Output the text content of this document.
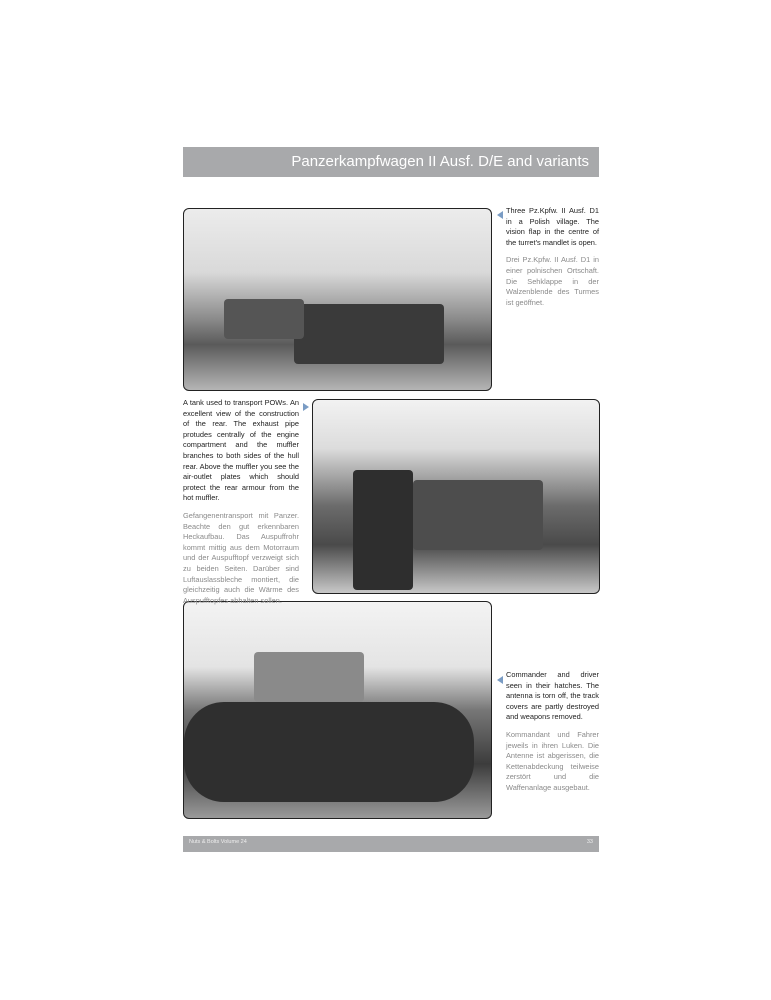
Panzerkampfwagen II Ausf. D/E and variants

Three Pz.Kpfw. II Ausf. D1 in a Polish village. The vision flap in the centre of the turret's mandlet is open.

Drei Pz.Kpfw. II Ausf. D1 in einer polnischen Ortschaft. Die Sehklappe in der Walzenblende des Turmes ist geöffnet.

A tank used to transport POWs. An excellent view of the construction of the rear. The exhaust pipe protudes centrally of the engine compartment and the muffler branches to both sides of the hull rear. Above the muffler you see the air-outlet plates which should protect the rear armour from the hot muffler.

Gefangenentransport mit Panzer. Beachte den gut erkennbaren Heckaufbau. Das Auspuffrohr kommt mittig aus dem Motorraum und der Auspufftopf verzweigt sich zu beiden Seiten. Darüber sind Luftauslassbleche montiert, die gleichzeitig auch die Wärme des Auspufftopfes abhalten sollen.

Commander and driver seen in their hatches. The antenna is torn off, the track covers are partly destroyed and weapons removed.

Kommandant und Fahrer jeweils in ihren Luken. Die Antenne ist abgerissen, die Kettenabdeckung teilweise zerstört und die Waffenanlage ausgebaut.

Nuts & Bolts Volume 24	33
